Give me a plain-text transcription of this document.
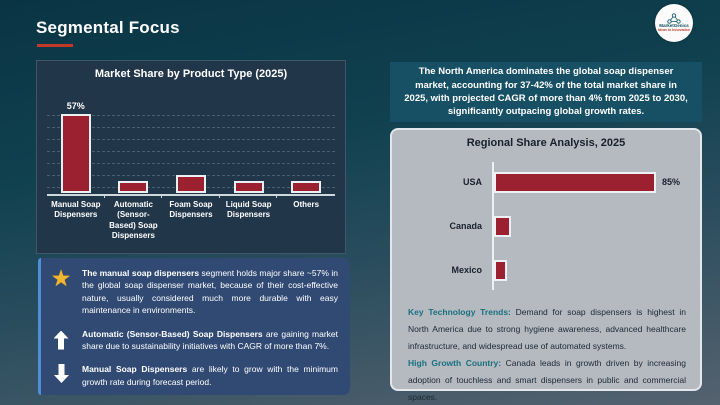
Segmental Focus	MarketGenics
Ideas to Innovation
Market Share by Product Type (2025)
57%
Manual Soap Dispensers
Automatic (Sensor-Based) Soap Dispensers
Foam Soap Dispensers
Liquid Soap Dispensers
Others
★ The manual soap dispensers segment holds major share ~57% in the global soap dispenser market, because of their cost-effective nature, usually considered much more durable with easy maintenance in environments.
Automatic (Sensor-Based) Soap Dispensers are gaining market share due to sustainability initiatives with CAGR of more than 7%.
Manual Soap Dispensers are likely to grow with the minimum growth rate during forecast period.
The North America dominates the global soap dispenser market, accounting for 37-42% of the total market share in 2025, with projected CAGR of more than 4% from 2025 to 2030, significantly outpacing global growth rates.
Regional Share Analysis, 2025
USA	85%
Canada
Mexico

Key Technology Trends: Demand for soap dispensers is highest in North America due to strong hygiene awareness, advanced healthcare infrastructure, and widespread use of automated systems.

High Growth Country: Canada leads in growth driven by increasing adoption of touchless and smart dispensers in public and commercial spaces.
